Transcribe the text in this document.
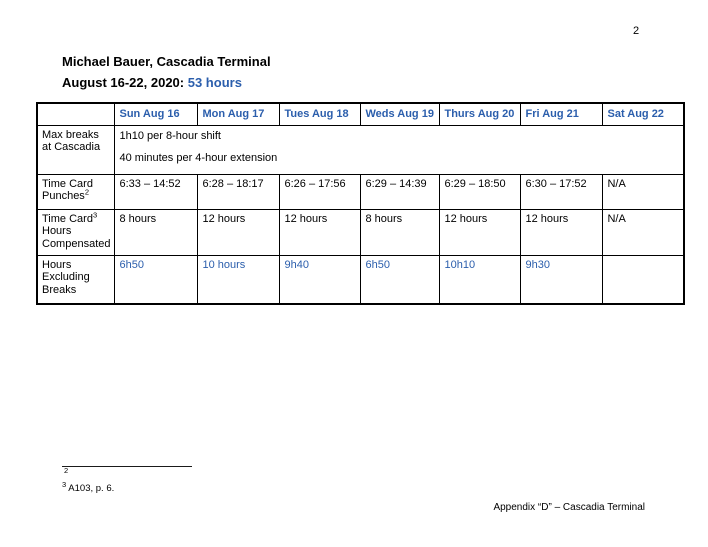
2
Michael Bauer, Cascadia Terminal
August 16-22, 2020: 53 hours
	Sun Aug 16	Mon Aug 17	Tues Aug 18	Weds Aug 19	Thurs Aug 20	Fri Aug 21	Sat Aug 22
Max breaks at Cascadia	1h10 per 8-hour shift
40 minutes per 4-hour extension						

Time Card Punches$^2$	6:33 – 14:52	6:28 – 18:17	6:26 – 17:56	6:29 – 14:39	6:29 – 18:50	6:30 – 17:52	N/A
Time Card$^3$ Hours Compensated	8 hours	12 hours	12 hours	8 hours	12 hours	12 hours	N/A
Hours Excluding Breaks	6h50	10 hours	9h40	6h50	10h10	9h30	
$^2$
$^3$ A103, p. 6.
Appendix “D” – Cascadia Terminal
